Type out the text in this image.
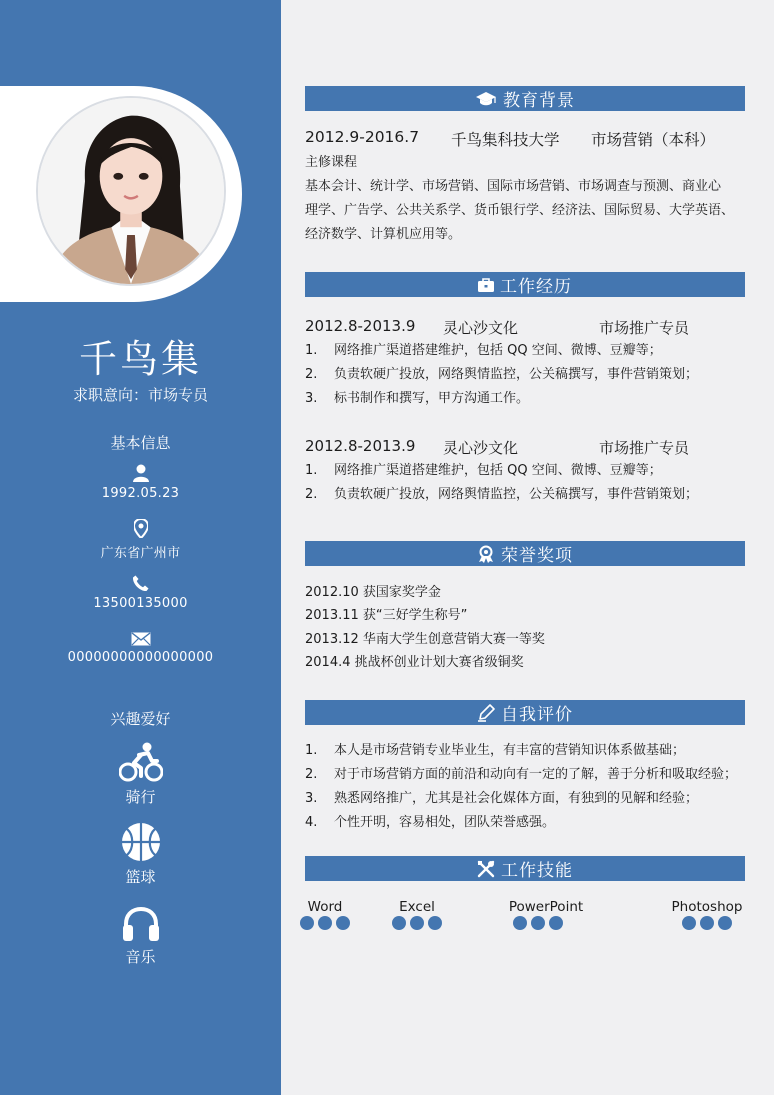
千鸟集
求职意向：市场专员
基本信息
1992.05.23
广东省广州市
13500135000
00000000000000000
兴趣爱好
骑行
篮球
音乐
教育背景
2012.9-2016.7	千鸟集科技大学	市场营销（本科）
主修课程
基本会计、统计学、市场营销、国际市场营销、市场调查与预测、商业心
理学、广告学、公共关系学、货币银行学、经济法、国际贸易、大学英语、
经济数学、计算机应用等。
工作经历
2012.8-2013.9 灵心沙文化	市场推广专员
1.	网络推广渠道搭建维护，包括 QQ 空间、微博、豆瓣等；
2.	负责软硬广投放，网络舆情监控，公关稿撰写，事件营销策划；
3.	标书制作和撰写，甲方沟通工作。
2012.8-2013.9 灵心沙文化	市场推广专员
1.	网络推广渠道搭建维护，包括 QQ 空间、微博、豆瓣等；
2.	负责软硬广投放，网络舆情监控，公关稿撰写，事件营销策划；
荣誉奖项
2012.10 获国家奖学金
2013.11 获“三好学生称号”
2013.12 华南大学生创意营销大赛一等奖
2014.4 挑战杯创业计划大赛省级铜奖
自我评价
1.	本人是市场营销专业毕业生，有丰富的营销知识体系做基础；
2.	对于市场营销方面的前沿和动向有一定的了解，善于分析和吸取经验；
3.	熟悉网络推广，尤其是社会化媒体方面，有独到的见解和经验；
4.	个性开明，容易相处，团队荣誉感强。
工作技能
Word	Excel	PowerPoint	Photoshop
